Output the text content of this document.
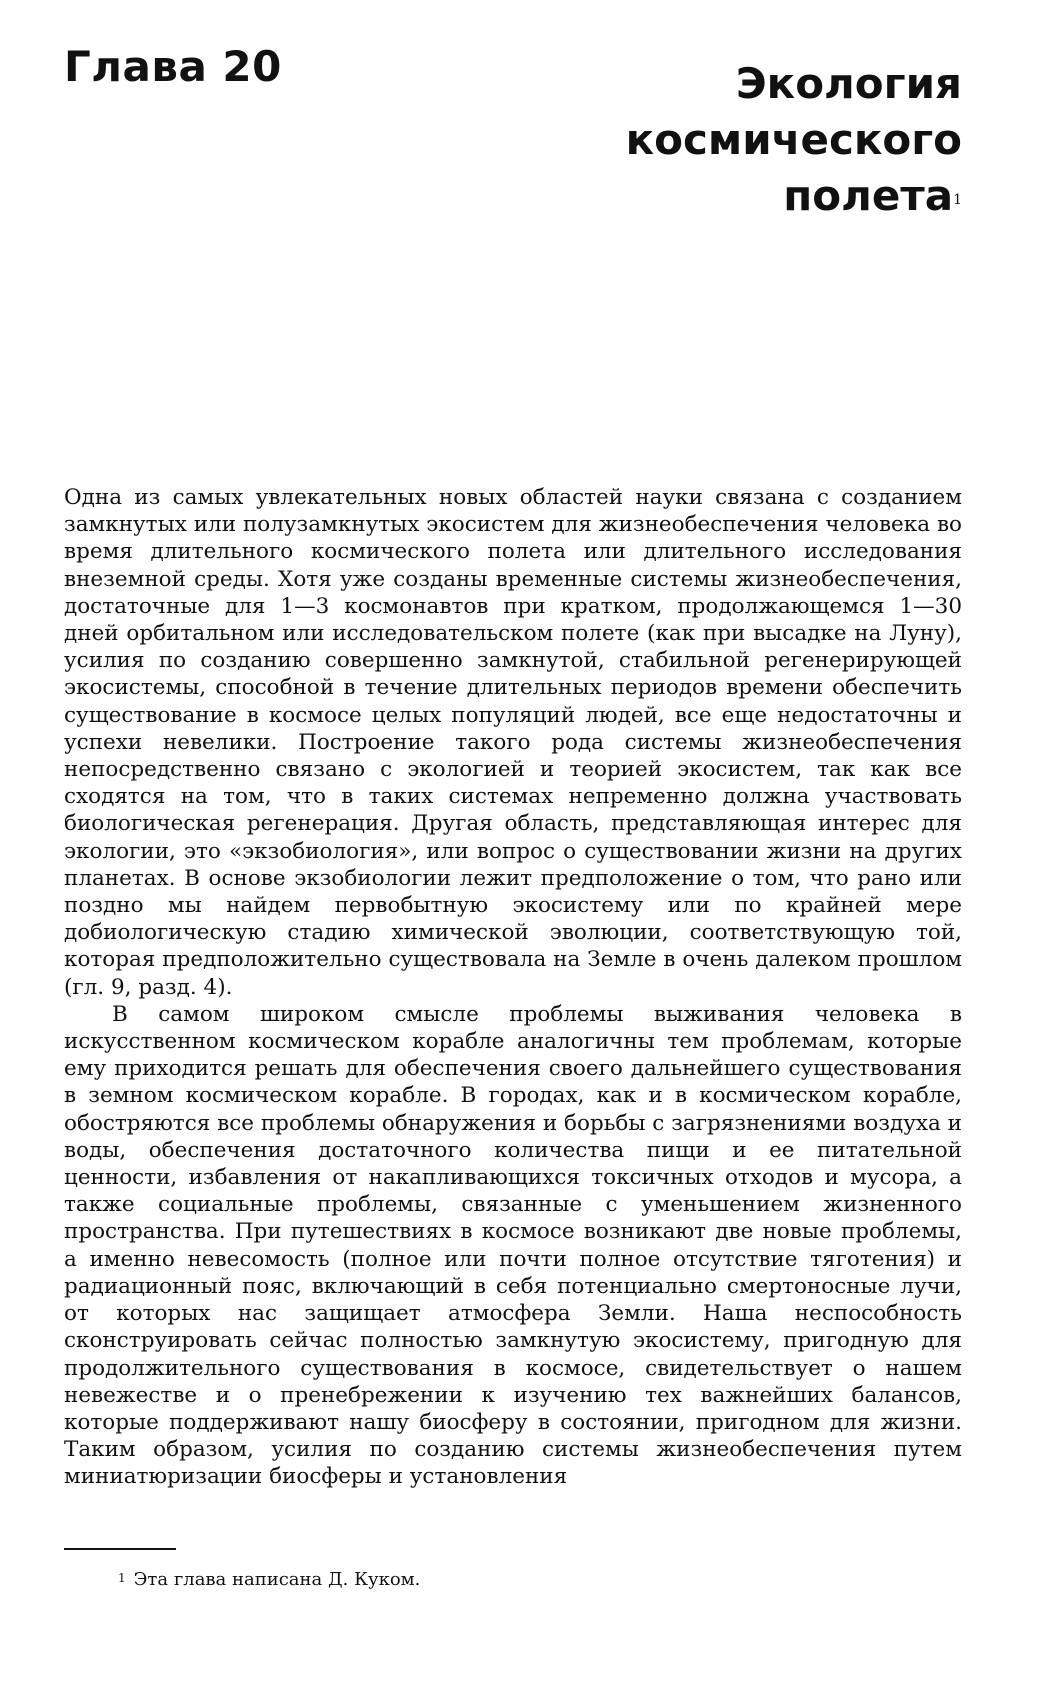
Глава 20	Экология
космического
полета$^1$

Одна из самых увлекательных новых областей науки связана с созданием замкнутых или полузамкнутых экосистем для жизнеобеспечения человека во время длительного космического полета или длительного исследования внеземной среды. Хотя уже созданы временные системы жизнеобеспечения, достаточные для 1—3 космонавтов при кратком, продолжающемся 1—30 дней орбитальном или исследовательском полете (как при высадке на Луну), усилия по созданию совершенно замкнутой, стабильной регенерирующей экосистемы, способной в течение длительных периодов времени обеспечить существование в космосе целых популяций людей, все еще недостаточны и успехи невелики. Построение такого рода системы жизнеобеспечения непосредственно связано с экологией и теорией экосистем, так как все сходятся на том, что в таких системах непременно должна участвовать биологическая регенерация. Другая область, представляющая интерес для экологии, это «экзобиология», или вопрос о существовании жизни на других планетах. В основе экзобиологии лежит предположение о том, что рано или поздно мы найдем первобытную экосистему или по крайней мере добиологическую стадию химической эволюции, соответствующую той, которая предположительно существовала на Земле в очень далеком прошлом (гл. 9, разд. 4).

В самом широком смысле проблемы выживания человека в искусственном космическом корабле аналогичны тем проблемам, которые ему приходится решать для обеспечения своего дальнейшего существования в земном космическом корабле. В городах, как и в космическом корабле, обостряются все проблемы обнаружения и борьбы с загрязнениями воздуха и воды, обеспечения достаточного количества пищи и ее питательной ценности, избавления от накапливающихся токсичных отходов и мусора, а также социальные проблемы, связанные с уменьшением жизненного пространства. При путешествиях в космосе возникают две новые проблемы, а именно невесомость (полное или почти полное отсутствие тяготения) и радиационный пояс, включающий в себя потенциально смертоносные лучи, от которых нас защищает атмосфера Земли. Наша неспособность сконструировать сейчас полностью замкнутую экосистему, пригодную для продолжительного существования в космосе, свидетельствует о нашем невежестве и о пренебрежении к изучению тех важнейших балансов, которые поддерживают нашу биосферу в состоянии, пригодном для жизни. Таким образом, усилия по созданию системы жизнеобеспечения путем миниатюризации биосферы и установления

$^1$ Эта глава написана Д. Куком.
